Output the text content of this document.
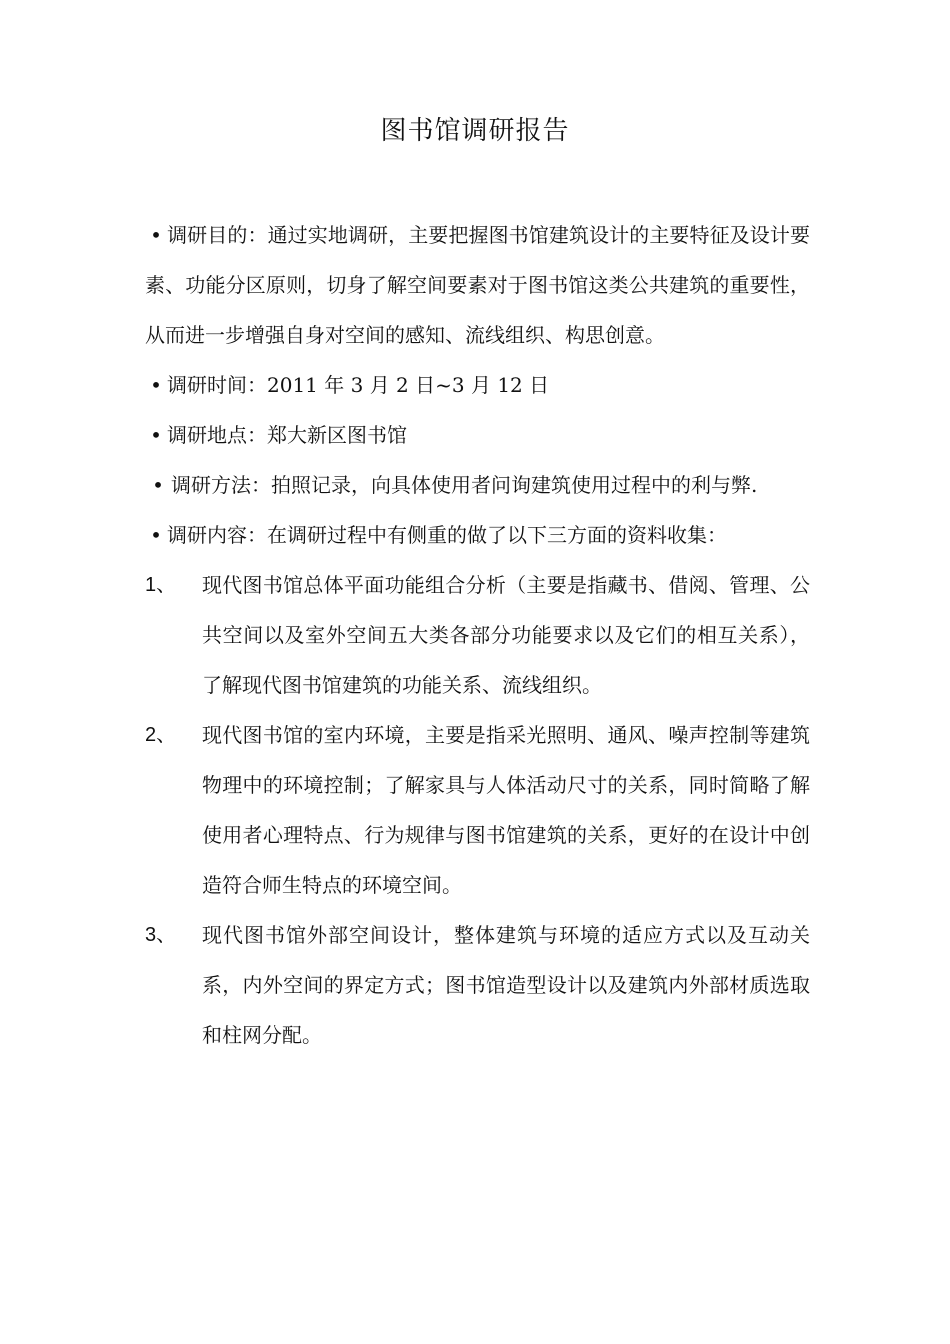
图书馆调研报告

• 调研目的：通过实地调研，主要把握图书馆建筑设计的主要特征及设计要素、功能分区原则，切身了解空间要素对于图书馆这类公共建筑的重要性，从而进一步增强自身对空间的感知、流线组织、构思创意。

• 调研时间：2011 年 3 月 2 日~3 月 12 日

• 调研地点：郑大新区图书馆

• 调研方法：拍照记录，向具体使用者问询建筑使用过程中的利与弊.

• 调研内容：在调研过程中有侧重的做了以下三方面的资料收集：

1、	现代图书馆总体平面功能组合分析（主要是指藏书、借阅、管理、公共空间以及室外空间五大类各部分功能要求以及它们的相互关系），了解现代图书馆建筑的功能关系、流线组织。
2、	现代图书馆的室内环境，主要是指采光照明、通风、噪声控制等建筑物理中的环境控制；了解家具与人体活动尺寸的关系，同时简略了解使用者心理特点、行为规律与图书馆建筑的关系，更好的在设计中创造符合师生特点的环境空间。
3、	现代图书馆外部空间设计，整体建筑与环境的适应方式以及互动关系，内外空间的界定方式；图书馆造型设计以及建筑内外部材质选取和柱网分配。
